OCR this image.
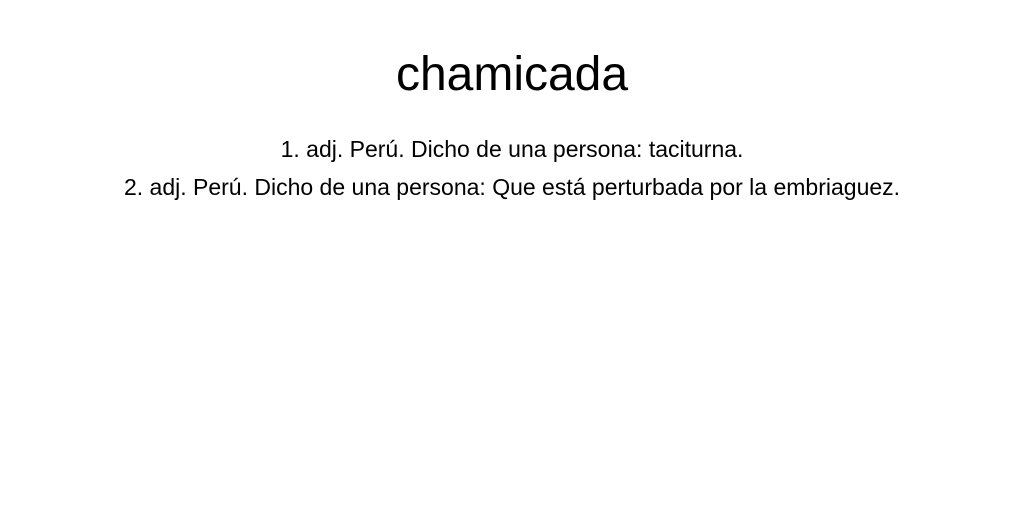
chamicada
1. adj. Perú. Dicho de una persona: taciturna.
2. adj. Perú. Dicho de una persona: Que está perturbada por la embriaguez.
